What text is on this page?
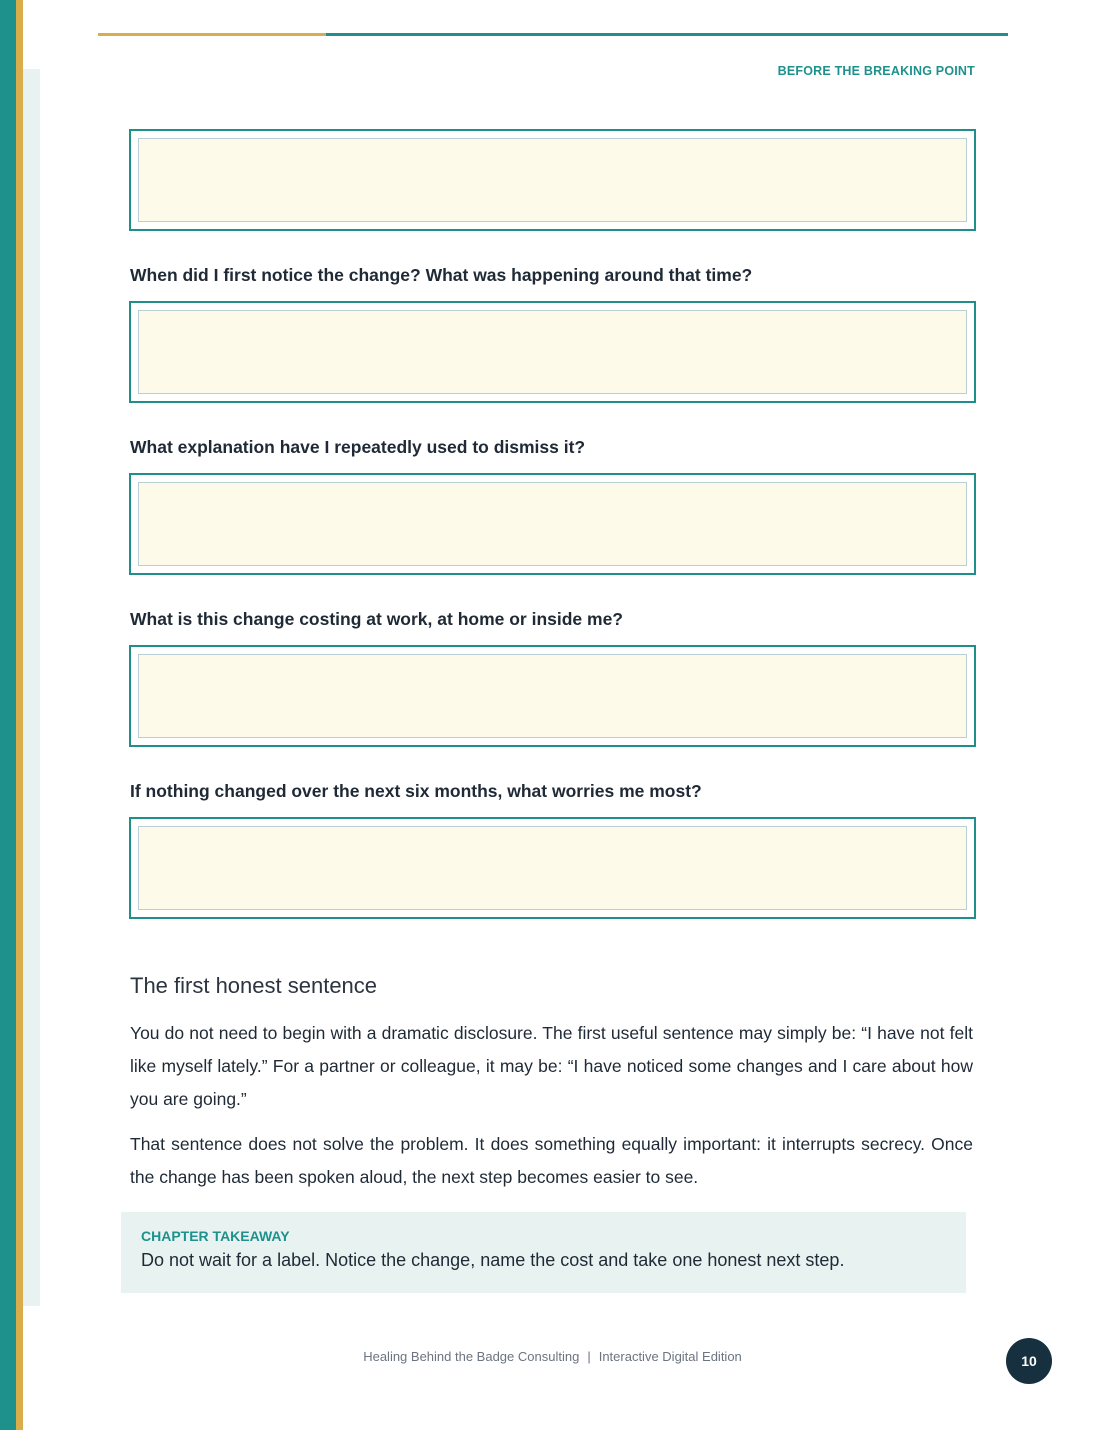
BEFORE THE BREAKING POINT
When did I first notice the change? What was happening around that time?
What explanation have I repeatedly used to dismiss it?
What is this change costing at work, at home or inside me?
If nothing changed over the next six months, what worries me most?
The first honest sentence

You do not need to begin with a dramatic disclosure. The first useful sentence may simply be: “I have not felt like myself lately.” For a partner or colleague, it may be: “I have noticed some changes and I care about how you are going.”

That sentence does not solve the problem. It does something equally important: it interrupts secrecy. Once the change has been spoken aloud, the next step becomes easier to see.

CHAPTER TAKEAWAY
Do not wait for a label. Notice the change, name the cost and take one honest next step.
Healing Behind the Badge Consulting | Interactive Digital Edition	10
